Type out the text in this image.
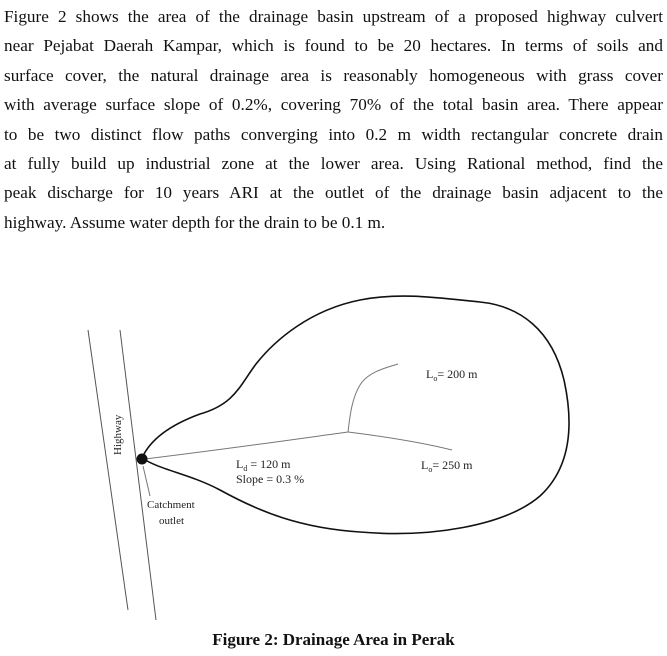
Figure 2 shows the area of the drainage basin upstream of a proposed highway culvert
near Pejabat Daerah Kampar, which is found to be 20 hectares. In terms of soils and
surface cover, the natural drainage area is reasonably homogeneous with grass cover
with average surface slope of 0.2%, covering 70% of the total basin area. There appear
to be two distinct flow paths converging into 0.2 m width rectangular concrete drain
at fully build up industrial zone at the lower area. Using Rational method, find the
peak discharge for 10 years ARI at the outlet of the drainage basin adjacent to the
highway. Assume water depth for the drain to be 0.1 m.
Highway
$L_o= 200$ m
$L_o= 250$ m
$L_d = 120$ m
Slope = 0.3 %
Catchment
outlet
Figure 2: Drainage Area in Perak
